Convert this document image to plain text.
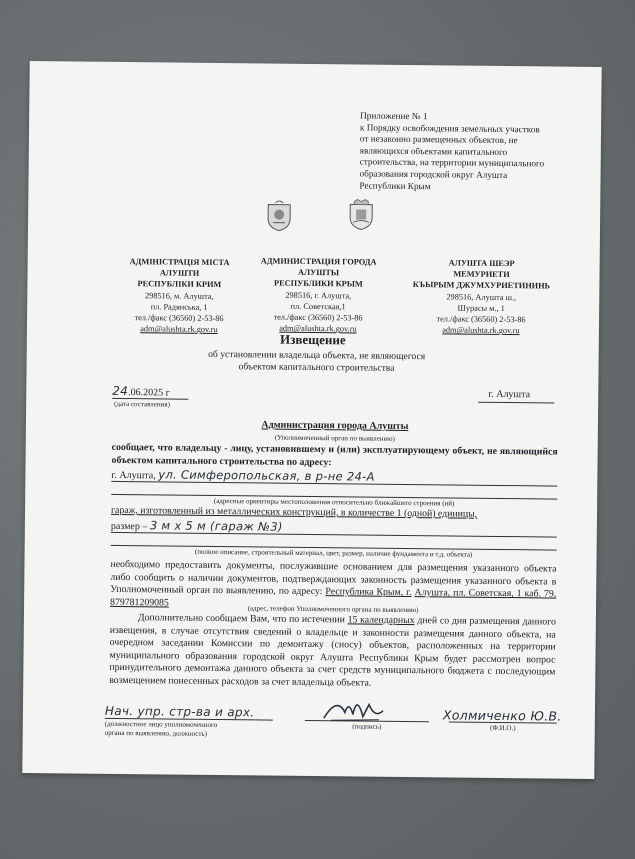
Приложение № 1
к Порядку освобождения земельных участков
от незаконно размещенных объектов, не
являющихся объектами капитального
строительства, на территории муниципального
образования городской округ Алушта
Республики Крым
АДМІНІСТРАЦІЯ МІСТА
АЛУШТИ
РЕСПУБЛІКИ КРИМ
298516, м. Алушта,
пл. Радянська, 1
тел./факс (36560) 2-53-86
adm@alushta.rk.gov.ru
АДМИНИСТРАЦИЯ ГОРОДА
АЛУШТЫ
РЕСПУБЛИКИ КРЫМ
298516, г. Алушта,
пл. Советская,1
тел./факс (36560) 2-53-86
adm@alushta.rk.gov.ru
АЛУШТА ШЕЭР
МЕМУРИЕТИ
КЪЫРЫМ ДЖУМХУРИЕТИНИНЬ
298516, Алушта ш.,
Шурасы м., 1
тел./факс (36560) 2-53-86
adm@alushta.rk.gov.ru
Извещение
об установлении владельца объекта, не являющегося
объектом капитального строительства
24.06.2025 г
(дата составления)
г. Алушта
Администрация города Алушты
(Уполномоченный орган по выявлению)
сообщает, что владельцу - лицу, установившему и (или) эксплуатирующему объект, не являющийся объектом капитального строительства по адресу:
г. Алушта, ул. Симферопольская, в р-не 24-А
(адресные ориентиры местоположения относительно ближайшего строения (ий)
гараж, изготовленный из металлических конструкций, в количестве 1 (одной) единицы,
размер – 3 м х 5 м (гараж №3)
(полное описание, строительный материал, цвет, размер, наличие фундамента и т.д. объекта)
необходимо предоставить документы, послужившие основанием для размещения указанного объекта либо сообщить о наличии документов, подтверждающих законность размещения указанного объекта в Уполномоченный орган по выявлению, по адресу: Республика Крым, г. Алушта, пл. Советская, 1 каб. 79, 879781209085
(адрес, телефон Уполномоченного органа по выявлению)
Дополнительно сообщаем Вам, что по истечении 15 календарных дней со дня размещения данного извещения, в случае отсутствия сведений о владельце и законности размещения данного объекта, на очередном заседании Комиссии по демонтажу (сносу) объектов, расположенных на территории муниципального образования городской округ Алушта Республики Крым будет рассмотрен вопрос принудительного демонтажа данного объекта за счет средств муниципального бюджета с последующим возмещением понесенных расходов за счет владельца объекта.
Нач. упр. стр-ва и арх.
(должностное лицо уполномоченного
органа по выявлению, должность)
(подпись)
Холмиченко Ю.В.
(Ф.И.О.)
